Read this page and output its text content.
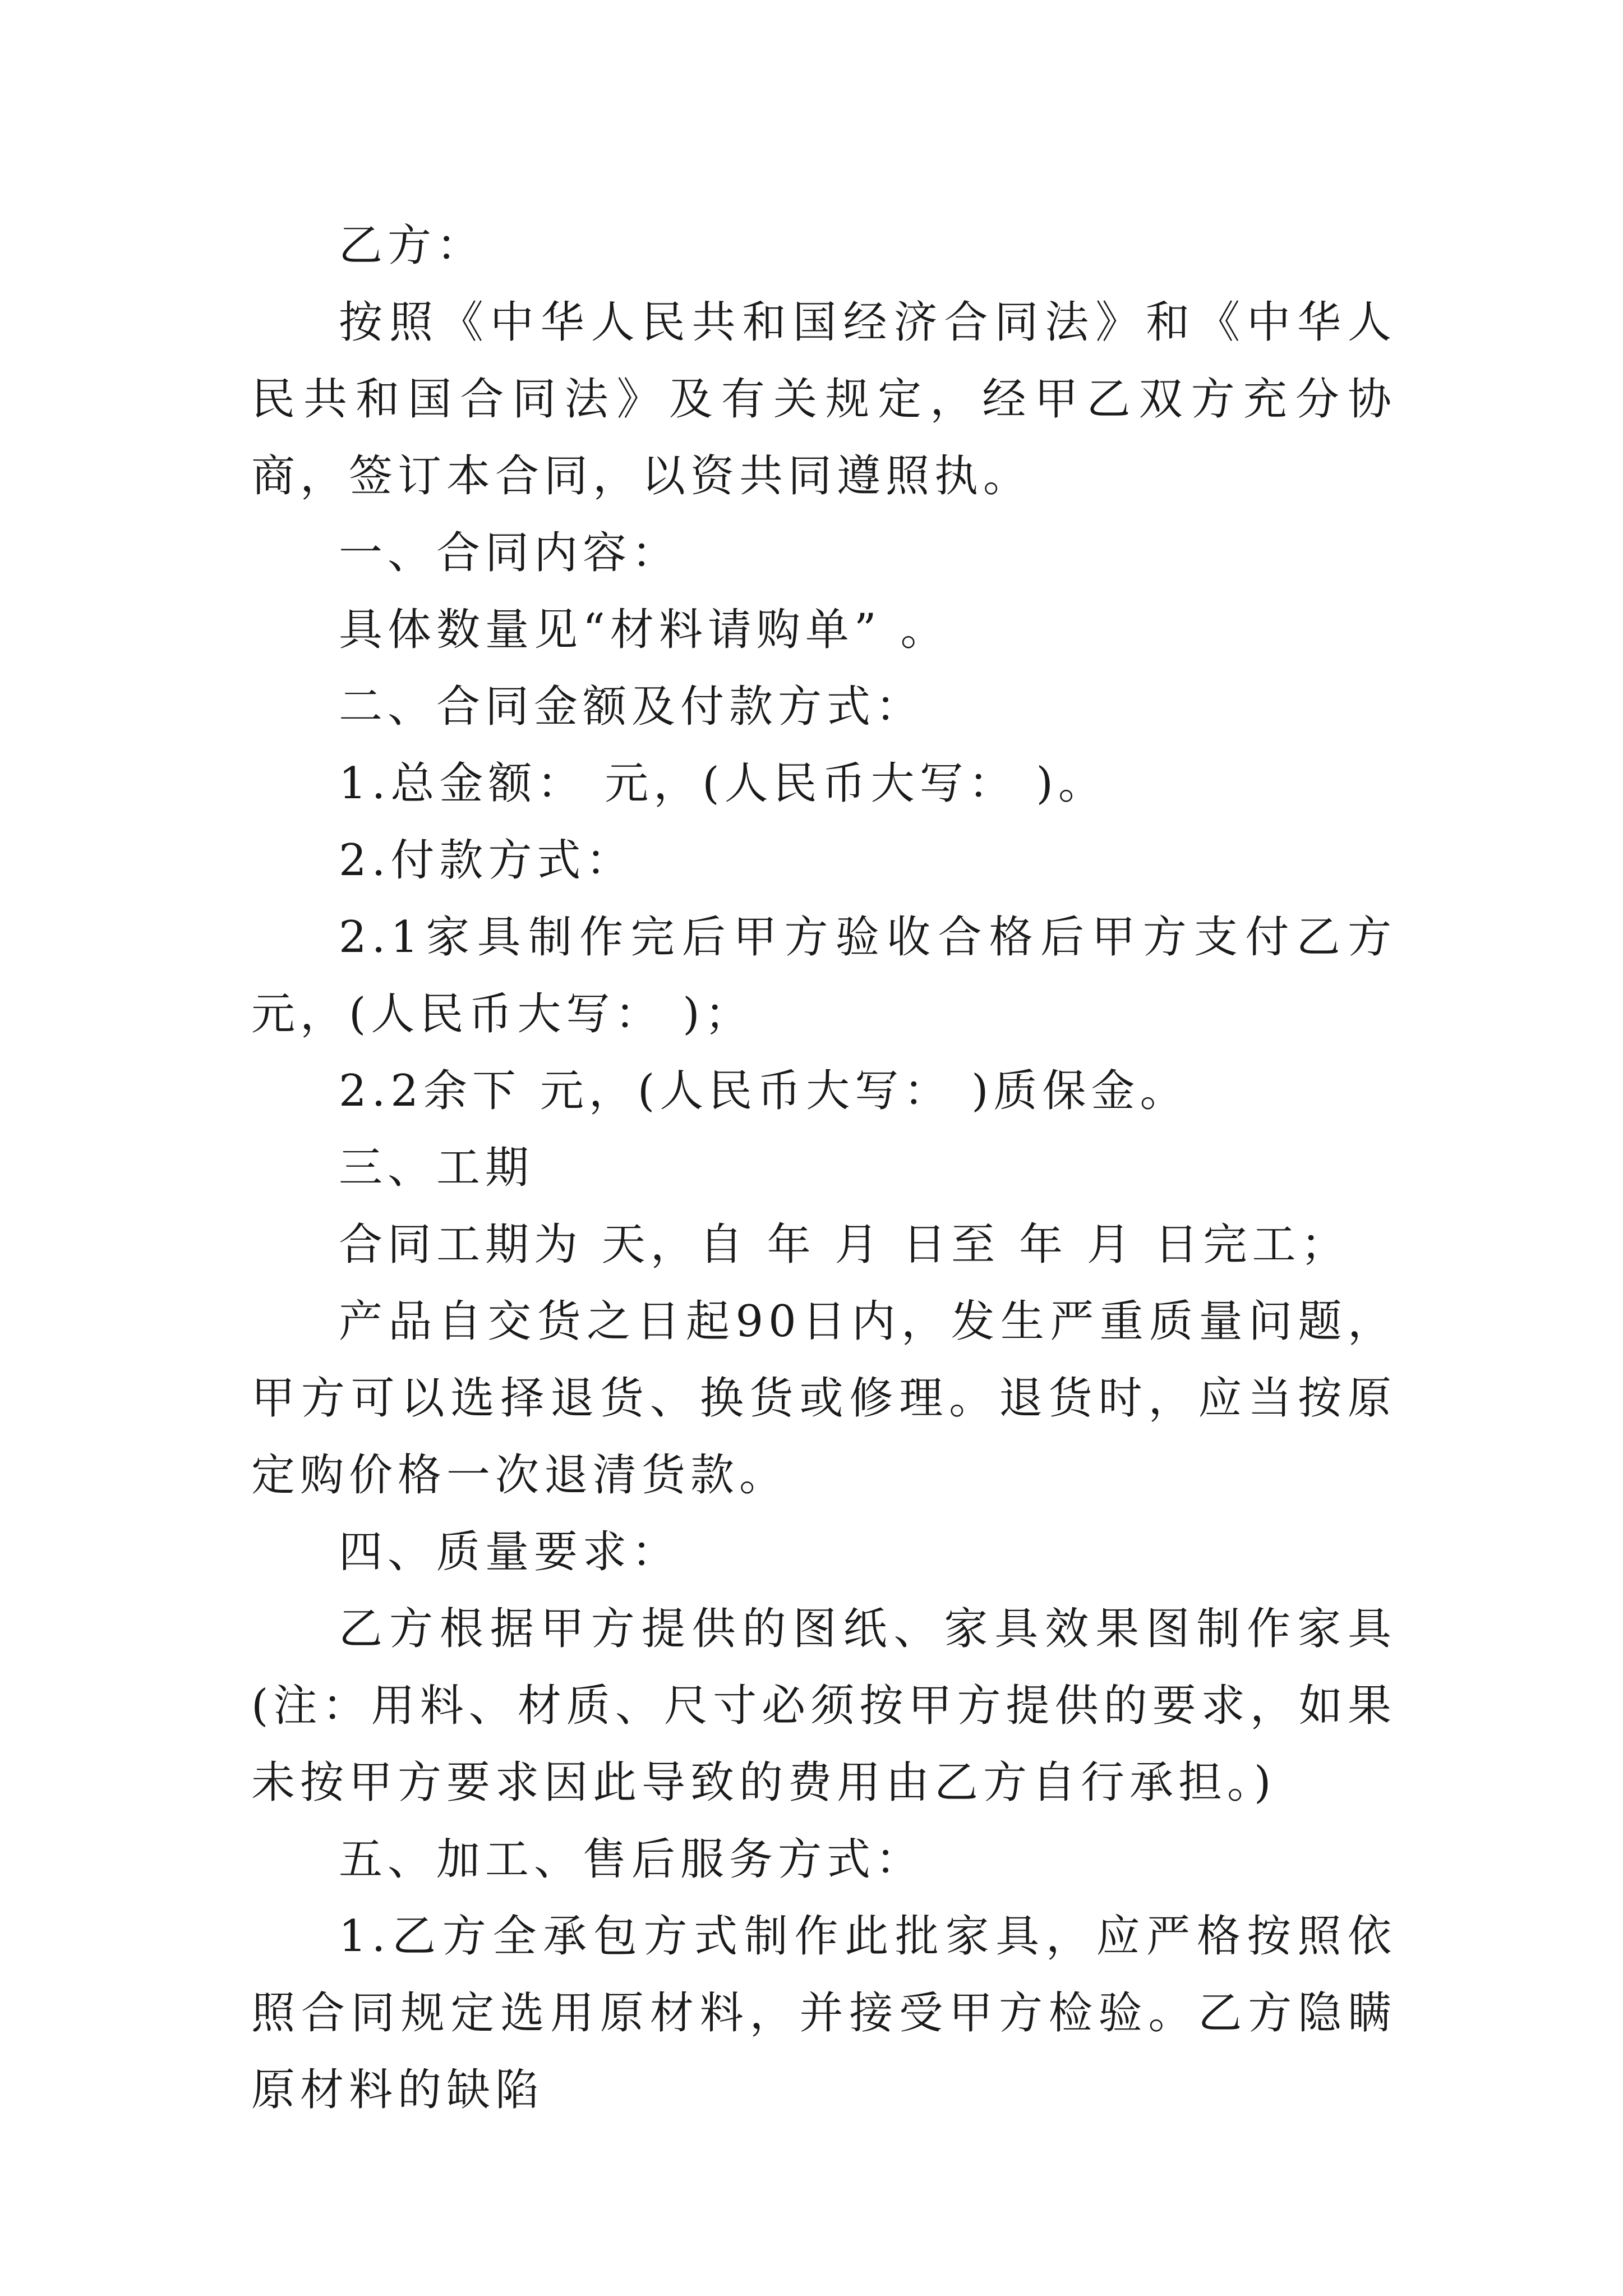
乙方：

按照《中华人民共和国经济合同法》和《中华人民共和国合同法》及有关规定，经甲乙双方充分协商，签订本合同，以资共同遵照执。

一、合同内容：

具体数量见“材料请购单” 。

二、合同金额及付款方式：

1.总金额： 元，(人民币大写： )。

2.付款方式：

2.1家具制作完后甲方验收合格后甲方支付乙方 元，(人民币大写： )；

2.2余下 元，(人民币大写： )质保金。

三、工期

合同工期为 天，自 年 月 日至 年 月 日完工；

产品自交货之日起90日内，发生严重质量问题，甲方可以选择退货、换货或修理。退货时，应当按原定购价格一次退清货款。

四、质量要求：

乙方根据甲方提供的图纸、家具效果图制作家具(注：用料、材质、尺寸必须按甲方提供的要求，如果未按甲方要求因此导致的费用由乙方自行承担。)

五、加工、售后服务方式：

1.乙方全承包方式制作此批家具，应严格按照依照合同规定选用原材料，并接受甲方检验。乙方隐瞒原材料的缺陷
